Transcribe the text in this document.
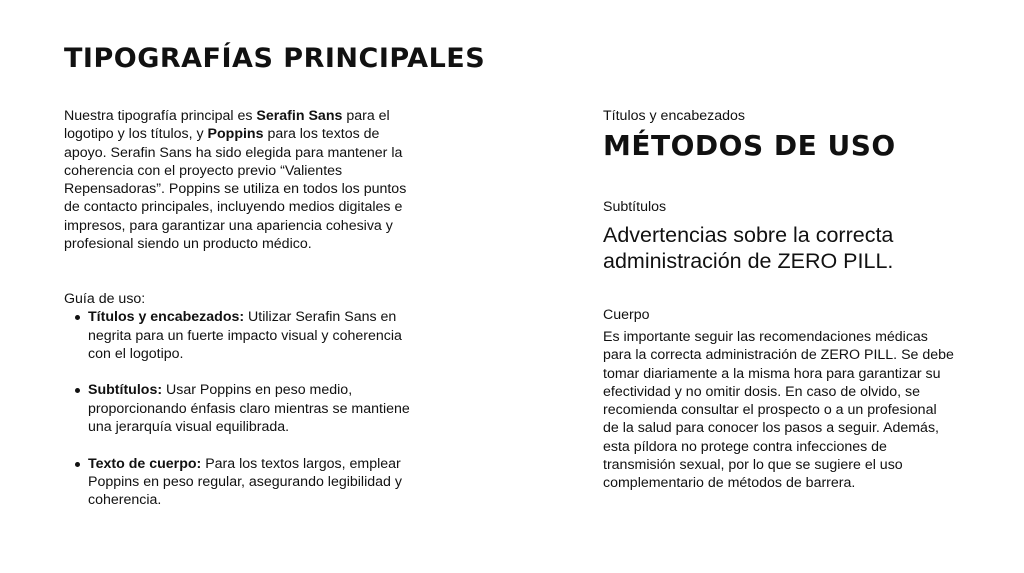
TIPOGRAFÍAS PRINCIPALES

Nuestra tipografía principal es Serafin Sans para el logotipo y los títulos, y Poppins para los textos de apoyo. Serafin Sans ha sido elegida para mantener la coherencia con el proyecto previo “Valientes Repensadoras”. Poppins se utiliza en todos los puntos de contacto principales, incluyendo medios digitales e impresos, para garantizar una apariencia cohesiva y profesional siendo un producto médico.

Guía de uso:

Títulos y encabezados: Utilizar Serafin Sans en negrita para un fuerte impacto visual y coherencia con el logotipo.
Subtítulos: Usar Poppins en peso medio, proporcionando énfasis claro mientras se mantiene una jerarquía visual equilibrada.
Texto de cuerpo: Para los textos largos, emplear Poppins en peso regular, asegurando legibilidad y coherencia.

Títulos y encabezados

MÉTODOS DE USO

Subtítulos

Advertencias sobre la correcta administración de ZERO PILL.

Cuerpo

Es importante seguir las recomendaciones médicas para la correcta administración de ZERO PILL. Se debe tomar diariamente a la misma hora para garantizar su efectividad y no omitir dosis. En caso de olvido, se recomienda consultar el prospecto o a un profesional de la salud para conocer los pasos a seguir. Además, esta píldora no protege contra infecciones de transmisión sexual, por lo que se sugiere el uso complementario de métodos de barrera.
